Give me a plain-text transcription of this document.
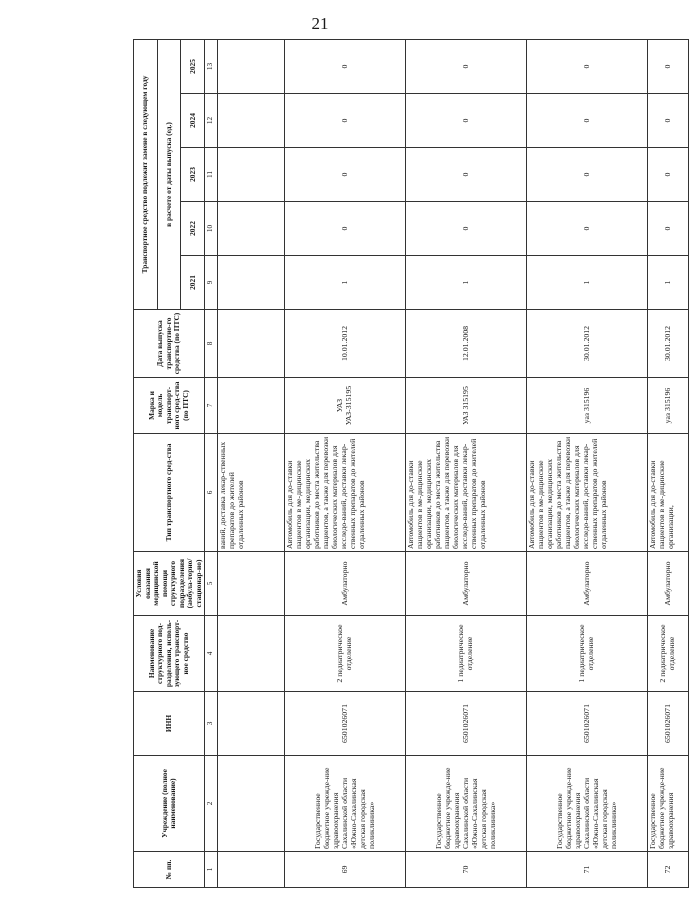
21
№ пп.	Учреждение (полное наименование)	ИНН	Наименование структурного под-разделения, исполь-зующего транспорт-ное средство	Условия оказания медицинской помощи структурного подразделения (амбула-торно/ стационар-но)	Тип транспортного сред-ства	Марка и модель транспорт-ного сред-ства (по ПТС)	Дата выпуска транспортно-го средства (по ПТС)	Транспортное средство подлежит замене в следующем году				
								в расчете от даты выпуска (ед.)				
								2021	2022	2023	2024	2025
1	2	3	4	5	6	7	8	9	10	11	12	13
					ваний, доставка лекар-ственных препаратов до жителей отдаленных районов							
69	Государственное бюджетное учрежде-ние здравоохранения Сахалинской области «Южно-Сахалинская детская городская поликлиника»	6501026071	2 педиатрическое отделение	Амбулаторно	Автомобиль для до-ставки пациентов в ме-дицинские организации, медицинских работников до места жительства пациентов, а также для перевозки биологических материалов для исследо-ваний, доставки лекар-ственных препаратов до жителей отдаленных районов	УАЗ УАЗ-315195	10.01.2012	1	0	0	0	0
70	Государственное бюджетное учрежде-ние здравоохранения Сахалинской области «Южно-Сахалинская детская городская поликлиника»	6501026071	1 педиатрическое отделение	Амбулаторно	Автомобиль для до-ставки пациентов в ме-дицинские организации, медицинских работников до места жительства пациентов, а также для перевозки биологических материалов для исследо-ваний, доставки лекар-ственных препаратов до жителей отдаленных районов	УАЗ 315195	12.01.2008	1	0	0	0	0
71	Государственное бюджетное учрежде-ние здравоохранения Сахалинской области «Южно-Сахалинская детская городская поликлиника»	6501026071	1 педиатрическое отделение	Амбулаторно	Автомобиль для до-ставки пациентов в ме-дицинские организации, медицинских работников до места жительства пациентов, а также для перевозки биологических материалов для исследо-ваний, доставки лекар-ственных препаратов до жителей отдаленных районов	уаз 315196	30.01.2012	1	0	0	0	0
72	Государственное бюджетное учрежде-ние здравоохранения	6501026071	2 педиатрическое отделение	Амбулаторно	Автомобиль для до-ставки пациентов в ме-дицинские организации,	уаз 315196	30.01.2012	1	0	0	0	0
